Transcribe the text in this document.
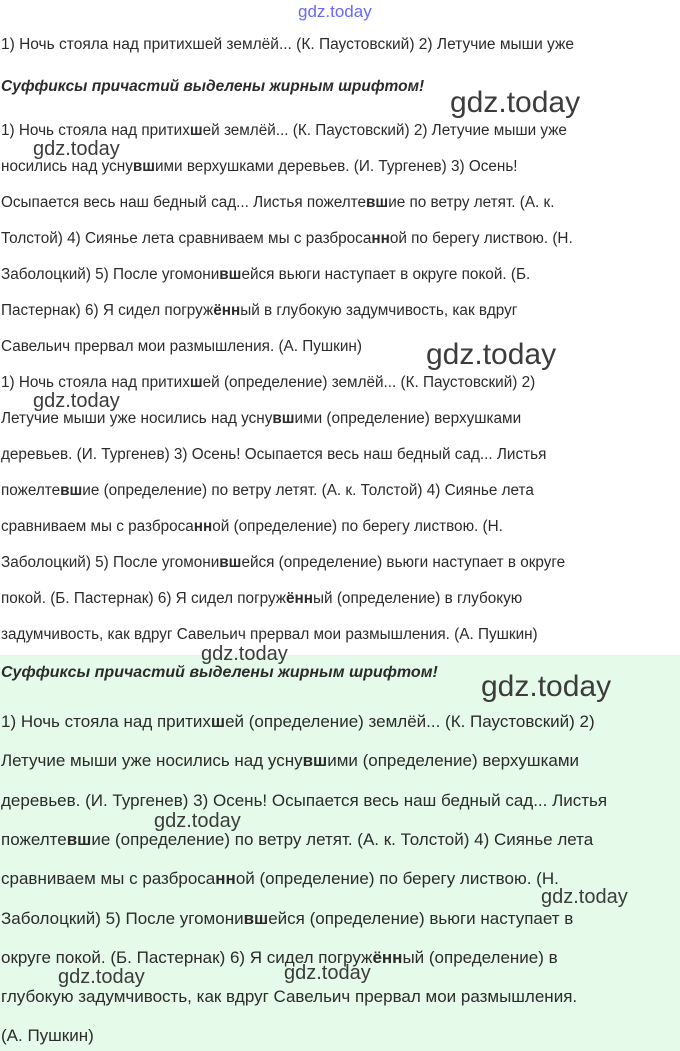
gdz.today
1) Ночь стояла над притихшей землёй... (К. Паустовский) 2) Летучие мыши уже
Суффиксы причастий выделены жирным шрифтом!
1) Ночь стояла над притихшей землёй... (К. Паустовский) 2) Летучие мыши уже
носились над уснувшими верхушками деревьев. (И. Тургенев) 3) Осень!
Осыпается весь наш бедный сад... Листья пожелтевшие по ветру летят. (А. к.
Толстой) 4) Сиянье лета сравниваем мы с разбросанной по берегу листвою. (Н.
Заболоцкий) 5) После угомонившейся вьюги наступает в округе покой. (Б.
Пастернак) 6) Я сидел погружённый в глубокую задумчивость, как вдруг
Савельич прервал мои размышления. (А. Пушкин)
1) Ночь стояла над притихшей (определение) землёй... (К. Паустовский) 2)
Летучие мыши уже носились над уснувшими (определение) верхушками
деревьев. (И. Тургенев) 3) Осень! Осыпается весь наш бедный сад... Листья
пожелтевшие (определение) по ветру летят. (А. к. Толстой) 4) Сиянье лета
сравниваем мы с разбросанной (определение) по берегу листвою. (Н.
Заболоцкий) 5) После угомонившейся (определение) вьюги наступает в округе
покой. (Б. Пастернак) 6) Я сидел погружённый (определение) в глубокую
задумчивость, как вдруг Савельич прервал мои размышления. (А. Пушкин)
Суффиксы причастий выделены жирным шрифтом!
1) Ночь стояла над притихшей (определение) землёй... (К. Паустовский) 2)
Летучие мыши уже носились над уснувшими (определение) верхушками
деревьев. (И. Тургенев) 3) Осень! Осыпается весь наш бедный сад... Листья
пожелтевшие (определение) по ветру летят. (А. к. Толстой) 4) Сиянье лета
сравниваем мы с разбросанной (определение) по берегу листвою. (Н.
Заболоцкий) 5) После угомонившейся (определение) вьюги наступает в
округе покой. (Б. Пастернак) 6) Я сидел погружённый (определение) в
глубокую задумчивость, как вдруг Савельич прервал мои размышления.
(А. Пушкин)
gdz.today
gdz.today
gdz.today
gdz.today
gdz.today
gdz.today
gdz.today
gdz.today
gdz.today
gdz.today
